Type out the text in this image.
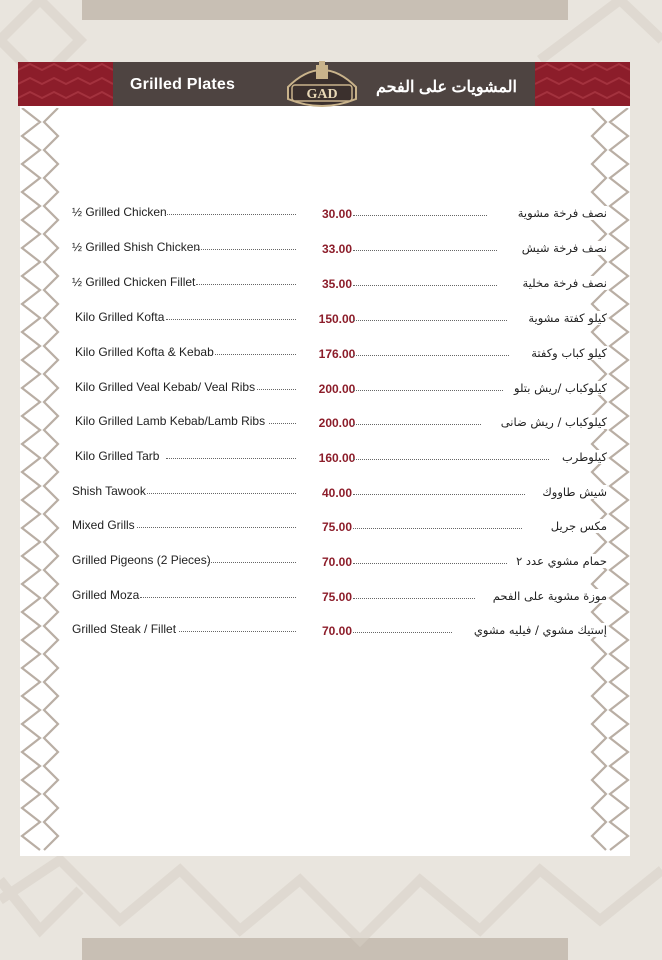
Grilled Plates	المشويات على الفحم
GAD
½ Grilled Chicken	30.00	نصف فرخة مشوية
½ Grilled Shish Chicken	33.00	نصف فرخة شيش
½ Grilled Chicken Fillet	35.00	نصف فرخة مخلية
Kilo Grilled Kofta	150.00	كيلو كفتة مشوية
Kilo Grilled Kofta & Kebab	176.00	كيلو كباب وكفتة
Kilo Grilled Veal Kebab/ Veal Ribs	200.00	كيلوكباب /ريش بتلو
Kilo Grilled Lamb Kebab/Lamb Ribs	200.00	كيلوكباب / ريش ضانى
Kilo Grilled Tarb	160.00	كيلوطرب
Shish Tawook	40.00	شيش طاووك
Mixed Grills	75.00	مكس جريل
Grilled Pigeons (2 Pieces)	70.00	حمام مشوي عدد ٢
Grilled Moza	75.00	موزة مشوية على الفحم
Grilled Steak / Fillet	70.00	إستيك مشوي / فيليه مشوي
